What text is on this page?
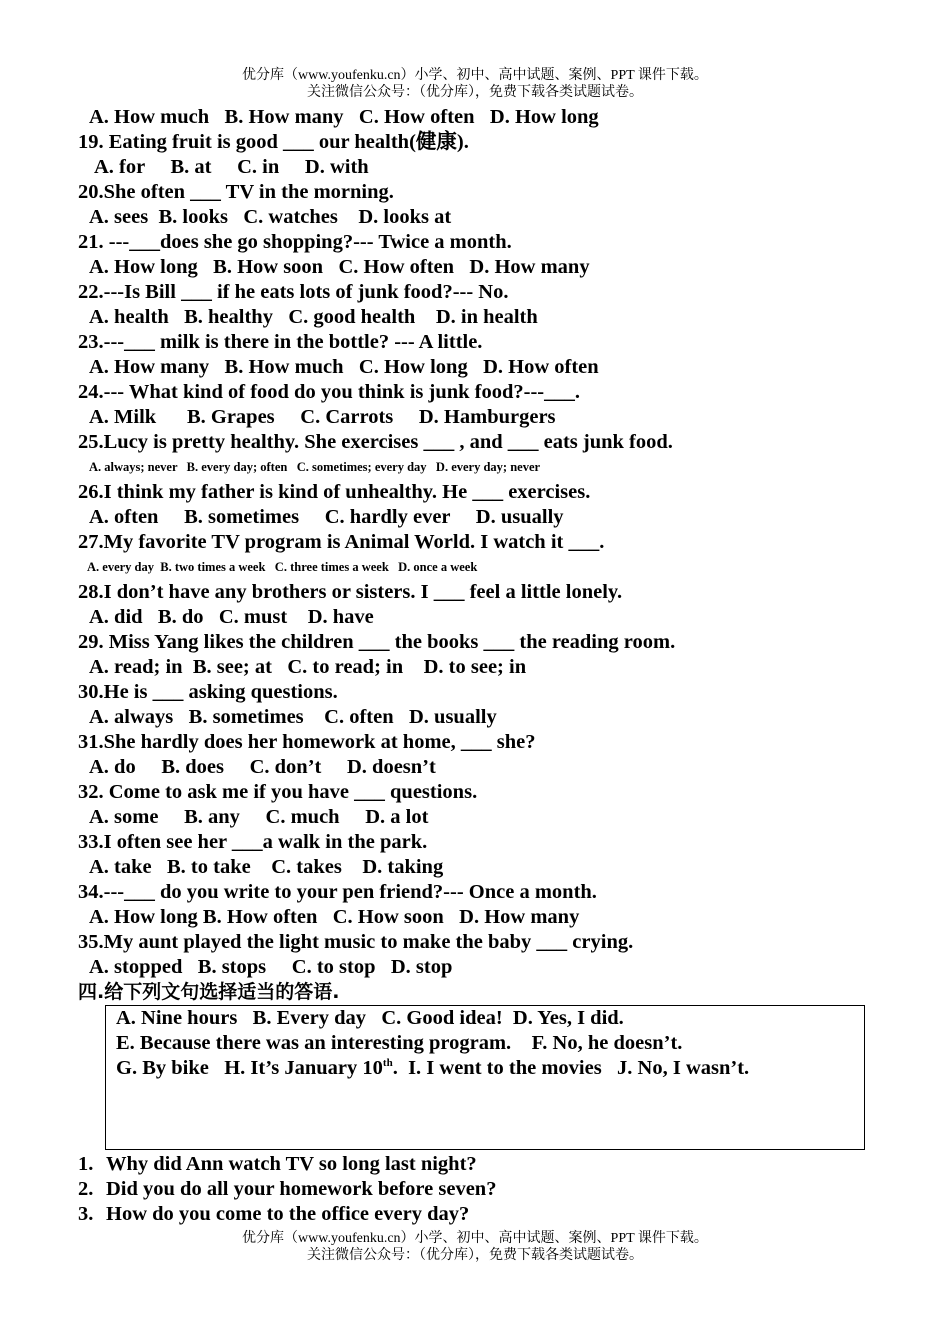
优分库（www.youfenku.cn）小学、初中、高中试题、案例、PPT 课件下载。
关注微信公众号：（优分库），免费下载各类试题试卷。
A. How much   B. How many   C. How often   D. How long
19. Eating fruit is good ___ our health(健康).
A. for     B. at     C. in     D. with
20.She often ___ TV in the morning.
A. sees  B. looks   C. watches    D. looks at
21. ---___does she go shopping?--- Twice a month.
A. How long   B. How soon   C. How often   D. How many
22.---Is Bill ___ if he eats lots of junk food?--- No.
A. health   B. healthy   C. good health    D. in health
23.---___ milk is there in the bottle? --- A little.
A. How many   B. How much   C. How long   D. How often
24.--- What kind of food do you think is junk food?---___.
A. Milk      B. Grapes     C. Carrots     D. Hamburgers
25.Lucy is pretty healthy. She exercises ___ , and ___ eats junk food.
A. always; never   B. every day; often   C. sometimes; every day   D. every day; never
26.I think my father is kind of unhealthy. He ___ exercises.
A. often     B. sometimes     C. hardly ever     D. usually
27.My favorite TV program is Animal World. I watch it ___.
A. every day  B. two times a week   C. three times a week   D. once a week
28.I don’t have any brothers or sisters. I ___ feel a little lonely.
A. did   B. do   C. must    D. have
29. Miss Yang likes the children ___ the books ___ the reading room.
A. read; in  B. see; at   C. to read; in    D. to see; in
30.He is ___ asking questions.
A. always   B. sometimes    C. often   D. usually
31.She hardly does her homework at home, ___ she?
A. do     B. does     C. don’t     D. doesn’t
32. Come to ask me if you have ___ questions.
A. some     B. any     C. much     D. a lot
33.I often see her ___a walk in the park.
A. take   B. to take    C. takes    D. taking
34.---___ do you write to your pen friend?--- Once a month.
A. How long B. How often   C. How soon   D. How many
35.My aunt played the light music to make the baby ___ crying.
A. stopped   B. stops     C. to stop   D. stop
四.给下列文句选择适当的答语.
A. Nine hours   B. Every day   C. Good idea!  D. Yes, I did.
E. Because there was an interesting program.    F. No, he doesn’t.
G. By bike   H. It’s January 10th.  I. I went to the movies   J. No, I wasn’t.
1. Why did Ann watch TV so long last night?
2. Did you do all your homework before seven?
3. How do you come to the office every day?
优分库（www.youfenku.cn）小学、初中、高中试题、案例、PPT 课件下载。
关注微信公众号：（优分库），免费下载各类试题试卷。
